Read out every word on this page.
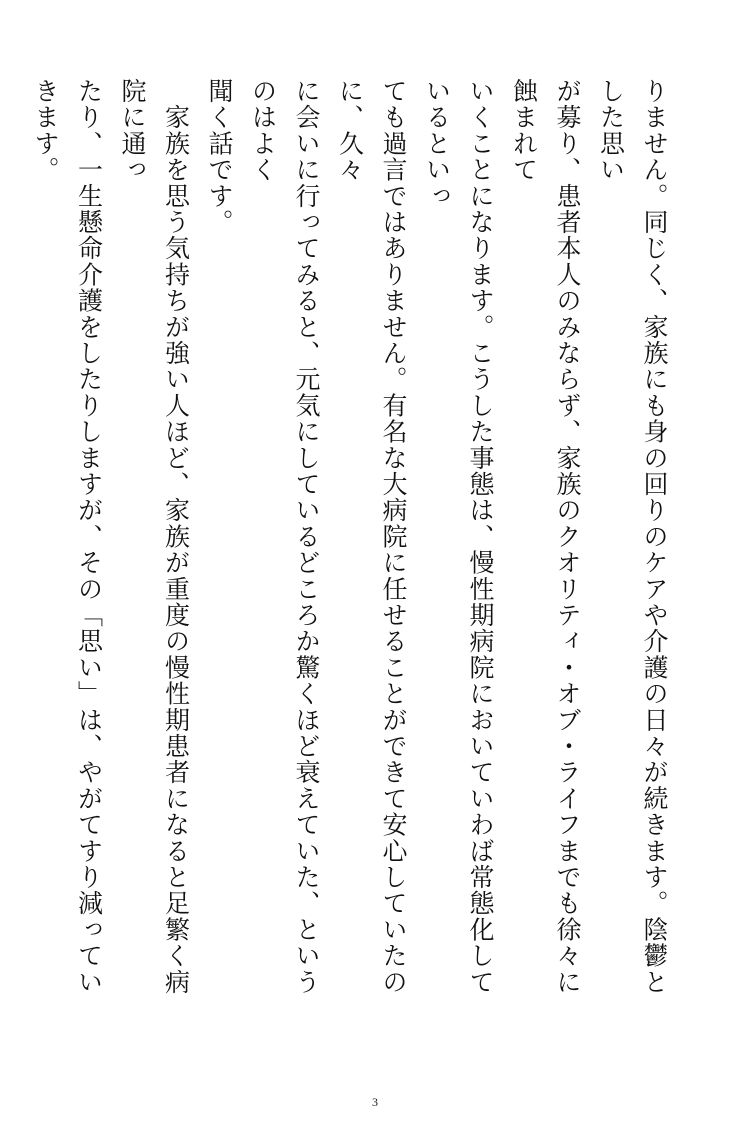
りません。同じく、家族にも身の回りのケアや介護の日々が続きます。陰鬱とした思い
が募り、患者本人のみならず、家族のクオリティ・オブ・ライフまでも徐々に蝕まれて
いくことになります。こうした事態は、慢性期病院においていわば常態化しているといっ
ても過言ではありません。有名な大病院に任せることができて安心していたのに、久々
に会いに行ってみると、元気にしているどころか驚くほど衰えていた、というのはよく
聞く話です。

　家族を思う気持ちが強い人ほど、家族が重度の慢性期患者になると足繁く病院に通っ
たり、一生懸命介護をしたりしますが、その「思い」は、やがてすり減っていきます。

3
